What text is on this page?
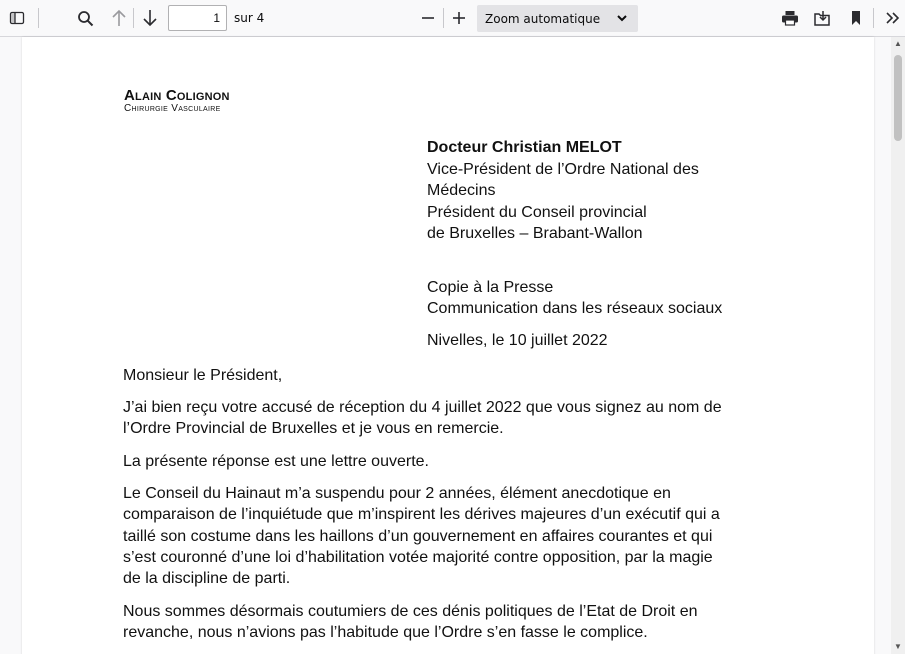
1
sur 4	Zoom automatique
Alain Colignon
Chirurgie Vasculaire
Docteur Christian MELOT
Vice-Président de l’Ordre National des
Médecins
Président du Conseil provincial
de Bruxelles – Brabant-Wallon
Copie à la Presse
Communication dans les réseaux sociaux
Nivelles, le 10 juillet 2022
Monsieur le Président,
J’ai bien reçu votre accusé de réception du 4 juillet 2022 que vous signez au nom de
l’Ordre Provincial de Bruxelles et je vous en remercie.
La présente réponse est une lettre ouverte.
Le Conseil du Hainaut m’a suspendu pour 2 années, élément anecdotique en
comparaison de l’inquiétude que m’inspirent les dérives majeures d’un exécutif qui a
taillé son costume dans les haillons d’un gouvernement en affaires courantes et qui
s’est couronné d’une loi d’habilitation votée majorité contre opposition, par la magie
de la discipline de parti.
Nous sommes désormais coutumiers de ces dénis politiques de l’Etat de Droit en
revanche, nous n’avions pas l’habitude que l’Ordre s’en fasse le complice.
▲
▼
